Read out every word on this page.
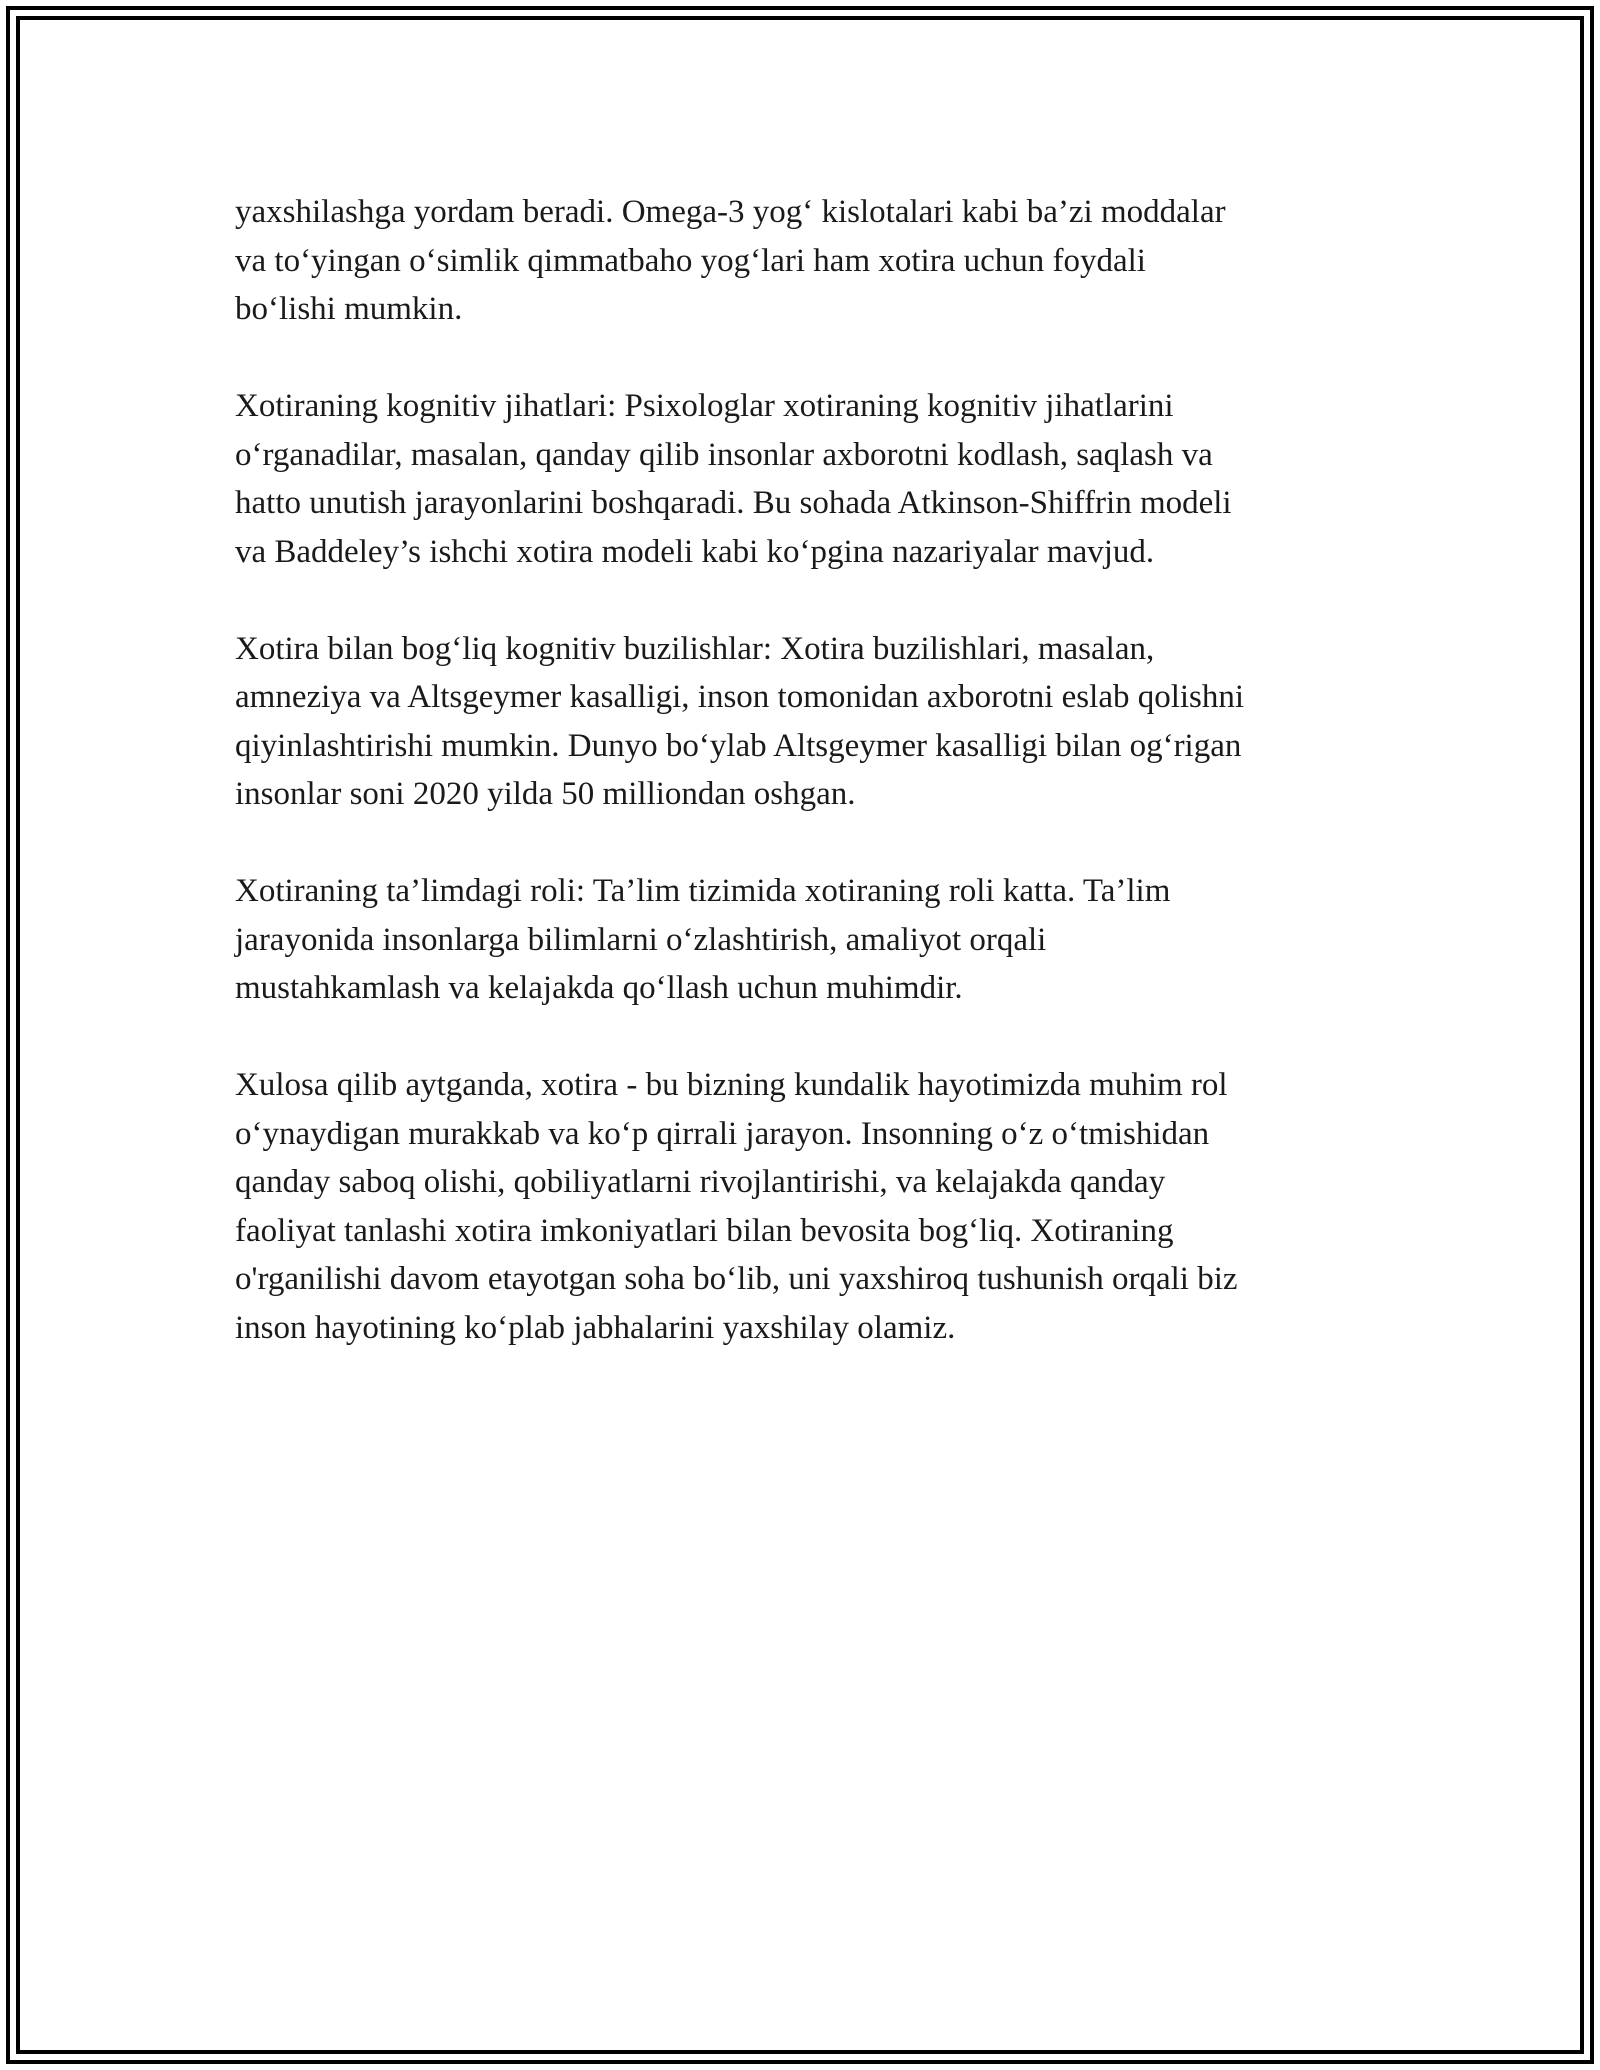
yaxshilashga yordam beradi. Omega-3 yog‘ kislotalari kabi ba’zi moddalar
va to‘yingan o‘simlik qimmatbaho yog‘lari ham xotira uchun foydali
bo‘lishi mumkin.

Xotiraning kognitiv jihatlari: Psixologlar xotiraning kognitiv jihatlarini
o‘rganadilar, masalan, qanday qilib insonlar axborotni kodlash, saqlash va
hatto unutish jarayonlarini boshqaradi. Bu sohada Atkinson-Shiffrin modeli
va Baddeley’s ishchi xotira modeli kabi ko‘pgina nazariyalar mavjud.

Xotira bilan bog‘liq kognitiv buzilishlar: Xotira buzilishlari, masalan,
amneziya va Altsgeymer kasalligi, inson tomonidan axborotni eslab qolishni
qiyinlashtirishi mumkin. Dunyo bo‘ylab Altsgeymer kasalligi bilan og‘rigan
insonlar soni 2020 yilda 50 milliondan oshgan.

Xotiraning ta’limdagi roli: Ta’lim tizimida xotiraning roli katta. Ta’lim
jarayonida insonlarga bilimlarni o‘zlashtirish, amaliyot orqali
mustahkamlash va kelajakda qo‘llash uchun muhimdir.

Xulosa qilib aytganda, xotira - bu bizning kundalik hayotimizda muhim rol
o‘ynaydigan murakkab va ko‘p qirrali jarayon. Insonning o‘z o‘tmishidan
qanday saboq olishi, qobiliyatlarni rivojlantirishi, va kelajakda qanday
faoliyat tanlashi xotira imkoniyatlari bilan bevosita bog‘liq. Xotiraning
o'rganilishi davom etayotgan soha bo‘lib, uni yaxshiroq tushunish orqali biz
inson hayotining ko‘plab jabhalarini yaxshilay olamiz.
